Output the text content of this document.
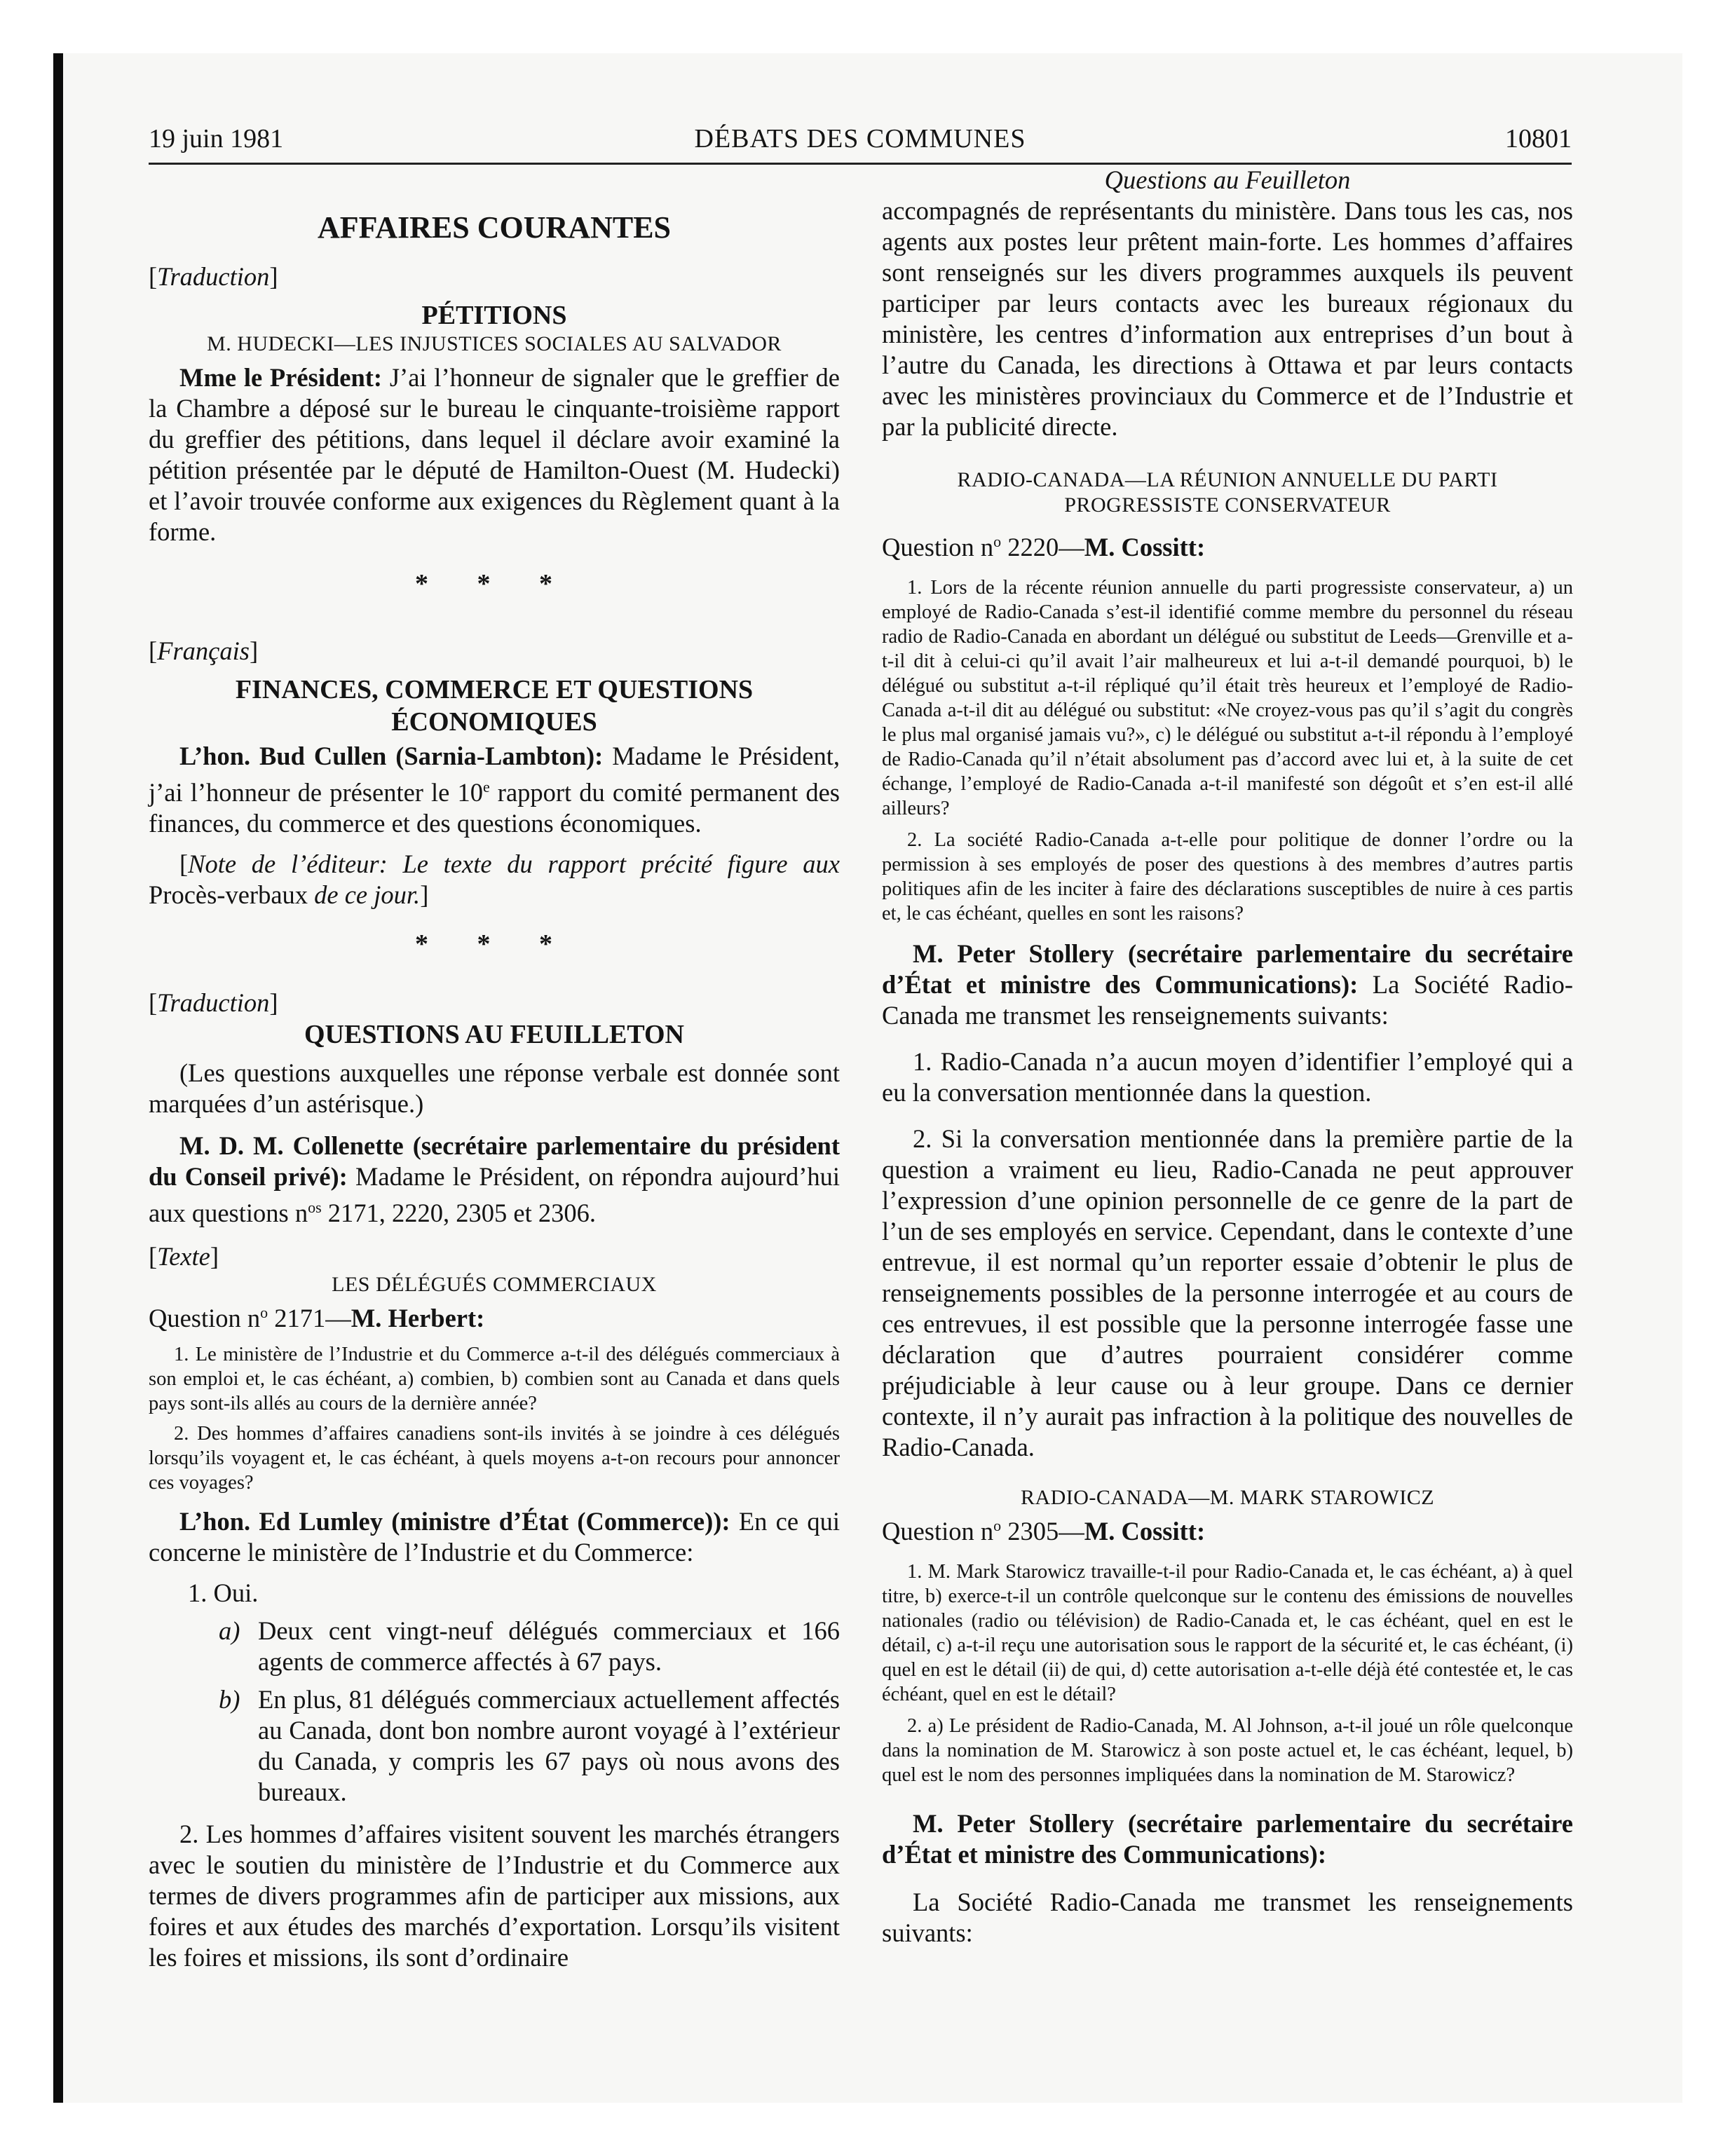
19 juin 1981	DÉBATS DES COMMUNES	10801

AFFAIRES COURANTES

[Traduction]

PÉTITIONS

M. HUDECKI—LES INJUSTICES SOCIALES AU SALVADOR

Mme le Président: J’ai l’honneur de signaler que le greffier de la Chambre a déposé sur le bureau le cinquante-troisième rapport du greffier des pétitions, dans lequel il déclare avoir examiné la pétition présentée par le député de Hamilton-Ouest (M. Hudecki) et l’avoir trouvée conforme aux exigences du Règlement quant à la forme.

* * *

[Français]

FINANCES, COMMERCE ET QUESTIONS

ÉCONOMIQUES

L’hon. Bud Cullen (Sarnia-Lambton): Madame le Président, j’ai l’honneur de présenter le 10e rapport du comité permanent des finances, du commerce et des questions économiques.

[Note de l’éditeur: Le texte du rapport précité figure aux Procès-verbaux de ce jour.]

* * *

[Traduction]

QUESTIONS AU FEUILLETON

(Les questions auxquelles une réponse verbale est donnée sont marquées d’un astérisque.)

M. D. M. Collenette (secrétaire parlementaire du président du Conseil privé): Madame le Président, on répondra aujourd’hui aux questions $n^{os}$ 2171, 2220, 2305 et 2306.

[Texte]

LES DÉLÉGUÉS COMMERCIAUX

Question $n^o$ 2171—M. Herbert:

1. Le ministère de l’Industrie et du Commerce a-t-il des délégués commerciaux à son emploi et, le cas échéant, a) combien, b) combien sont au Canada et dans quels pays sont-ils allés au cours de la dernière année?

2. Des hommes d’affaires canadiens sont-ils invités à se joindre à ces délégués lorsqu’ils voyagent et, le cas échéant, à quels moyens a-t-on recours pour annoncer ces voyages?

L’hon. Ed Lumley (ministre d’État (Commerce)): En ce qui concerne le ministère de l’Industrie et du Commerce:

1. Oui.

a) Deux cent vingt-neuf délégués commerciaux et 166 agents de commerce affectés à 67 pays.
b) En plus, 81 délégués commerciaux actuellement affectés au Canada, dont bon nombre auront voyagé à l’extérieur du Canada, y compris les 67 pays où nous avons des bureaux.

2. Les hommes d’affaires visitent souvent les marchés étrangers avec le soutien du ministère de l’Industrie et du Commerce aux termes de divers programmes afin de participer aux missions, aux foires et aux études des marchés d’exportation. Lorsqu’ils visitent les foires et missions, ils sont d’ordinaire

Questions au Feuilleton

accompagnés de représentants du ministère. Dans tous les cas, nos agents aux postes leur prêtent main-forte. Les hommes d’affaires sont renseignés sur les divers programmes auxquels ils peuvent participer par leurs contacts avec les bureaux régionaux du ministère, les centres d’information aux entreprises d’un bout à l’autre du Canada, les directions à Ottawa et par leurs contacts avec les ministères provinciaux du Commerce et de l’Industrie et par la publicité directe.

RADIO-CANADA—LA RÉUNION ANNUELLE DU PARTI

PROGRESSISTE CONSERVATEUR

Question $n^o$ 2220—M. Cossitt:

1. Lors de la récente réunion annuelle du parti progressiste conservateur, a) un employé de Radio-Canada s’est-il identifié comme membre du personnel du réseau radio de Radio-Canada en abordant un délégué ou substitut de Leeds—Grenville et a-t-il dit à celui-ci qu’il avait l’air malheureux et lui a-t-il demandé pourquoi, b) le délégué ou substitut a-t-il répliqué qu’il était très heureux et l’employé de Radio-Canada a-t-il dit au délégué ou substitut: «Ne croyez-vous pas qu’il s’agit du congrès le plus mal organisé jamais vu?», c) le délégué ou substitut a-t-il répondu à l’employé de Radio-Canada qu’il n’était absolument pas d’accord avec lui et, à la suite de cet échange, l’employé de Radio-Canada a-t-il manifesté son dégoût et s’en est-il allé ailleurs?

2. La société Radio-Canada a-t-elle pour politique de donner l’ordre ou la permission à ses employés de poser des questions à des membres d’autres partis politiques afin de les inciter à faire des déclarations susceptibles de nuire à ces partis et, le cas échéant, quelles en sont les raisons?

M. Peter Stollery (secrétaire parlementaire du secrétaire d’État et ministre des Communications): La Société Radio-Canada me transmet les renseignements suivants:

1. Radio-Canada n’a aucun moyen d’identifier l’employé qui a eu la conversation mentionnée dans la question.

2. Si la conversation mentionnée dans la première partie de la question a vraiment eu lieu, Radio-Canada ne peut approuver l’expression d’une opinion personnelle de ce genre de la part de l’un de ses employés en service. Cependant, dans le contexte d’une entrevue, il est normal qu’un reporter essaie d’obtenir le plus de renseignements possibles de la personne interrogée et au cours de ces entrevues, il est possible que la personne interrogée fasse une déclaration que d’autres pourraient considérer comme préjudiciable à leur cause ou à leur groupe. Dans ce dernier contexte, il n’y aurait pas infraction à la politique des nouvelles de Radio-Canada.

RADIO-CANADA—M. MARK STAROWICZ

Question $n^o$ 2305—M. Cossitt:

1. M. Mark Starowicz travaille-t-il pour Radio-Canada et, le cas échéant, a) à quel titre, b) exerce-t-il un contrôle quelconque sur le contenu des émissions de nouvelles nationales (radio ou télévision) de Radio-Canada et, le cas échéant, quel en est le détail, c) a-t-il reçu une autorisation sous le rapport de la sécurité et, le cas échéant, (i) quel en est le détail (ii) de qui, d) cette autorisation a-t-elle déjà été contestée et, le cas échéant, quel en est le détail?

2. a) Le président de Radio-Canada, M. Al Johnson, a-t-il joué un rôle quelconque dans la nomination de M. Starowicz à son poste actuel et, le cas échéant, lequel, b) quel est le nom des personnes impliquées dans la nomination de M. Starowicz?

M. Peter Stollery (secrétaire parlementaire du secrétaire d’État et ministre des Communications):

La Société Radio-Canada me transmet les renseignements suivants:
